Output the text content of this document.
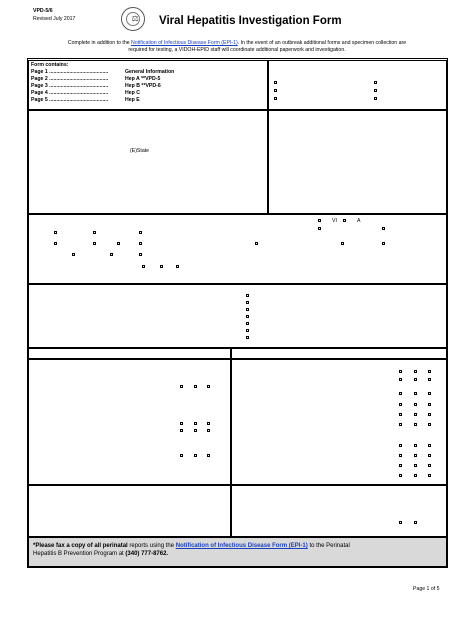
VPD-5/6
Revised July 2017	⚖ Viral Hepatitis Investigation Form
Complete in addition to the Notification of Infectious Disease Form (EPI-1). In the event of an outbreak additional forms and specimen collection are
required for testing, a VIDOH-EPID staff will coordinate additional paperwork and investigation.
Form contains:
Page 1 .........................................	General Information
Page 2 .........................................	Hep A **VPD-5
Page 3 .........................................	Hep B **VPD-6
Page 4 .........................................	Hep C
Page 5 .........................................	Hep E
(E)State
VI	A
*Please fax a copy of all perinatal reports using the Notification of Infectious Disease Form (EPI-1) to the Perinatal
Hepatitis B Prevention Program at (340) 777-8762.
Page 1 of 5
